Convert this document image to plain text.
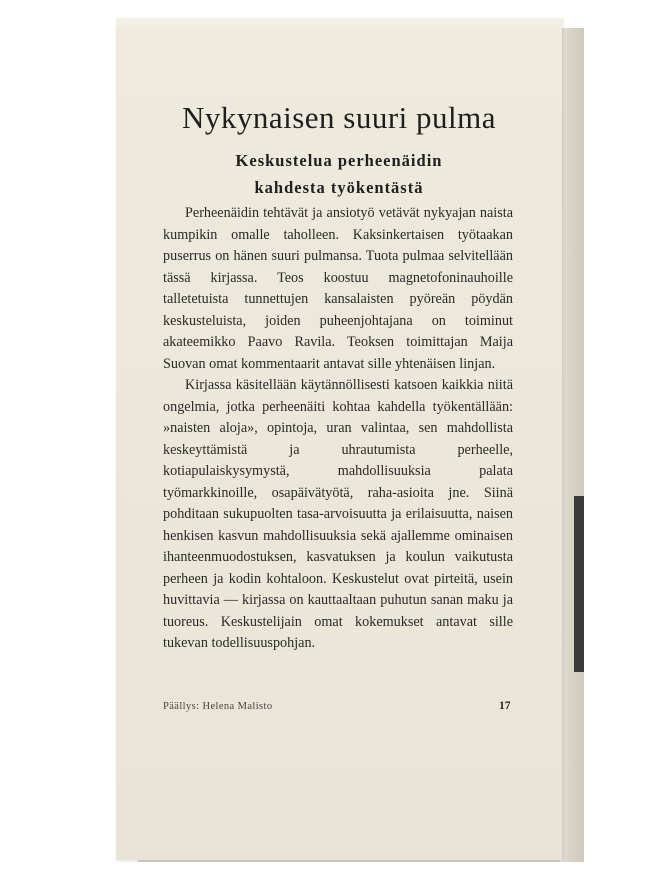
Nykynaisen suuri pulma
Keskustelua perheenäidin
kahdesta työkentästä

Perheenäidin tehtävät ja ansiotyö vetävät nykyajan naista kumpikin omalle taholleen. Kaksinkertaisen työtaakan puserrus on hänen suuri pulmansa. Tuota pulmaa selvitellään tässä kirjassa. Teos koostuu magnetofoninauhoille talletetuista tunnettujen kansalaisten pyöreän pöydän keskusteluista, joiden puheenjohtajana on toiminut akateemikko Paavo Ravila. Teoksen toimittajan Maija Suovan omat kommentaarit antavat sille yhtenäisen linjan.

Kirjassa käsitellään käytännöllisesti katsoen kaikkia niitä ongelmia, jotka perheenäiti kohtaa kahdella työkentällään: »naisten aloja», opintoja, uran valintaa, sen mahdollista keskeyttämistä ja uhrautumista perheelle, kotiapulaiskysymystä, mahdollisuuksia palata työmarkkinoille, osapäivätyötä, raha-asioita jne. Siinä pohditaan sukupuolten tasa-arvoisuutta ja erilaisuutta, naisen henkisen kasvun mahdollisuuksia sekä ajallemme ominaisen ihanteenmuodostuksen, kasvatuksen ja koulun vaikutusta perheen ja kodin kohtaloon. Keskustelut ovat pirteitä, usein huvittavia — kirjassa on kauttaaltaan puhutun sanan maku ja tuoreus. Keskustelijain omat kokemukset antavat sille tukevan todellisuuspohjan.

Päällys: Helena Malisto	17
